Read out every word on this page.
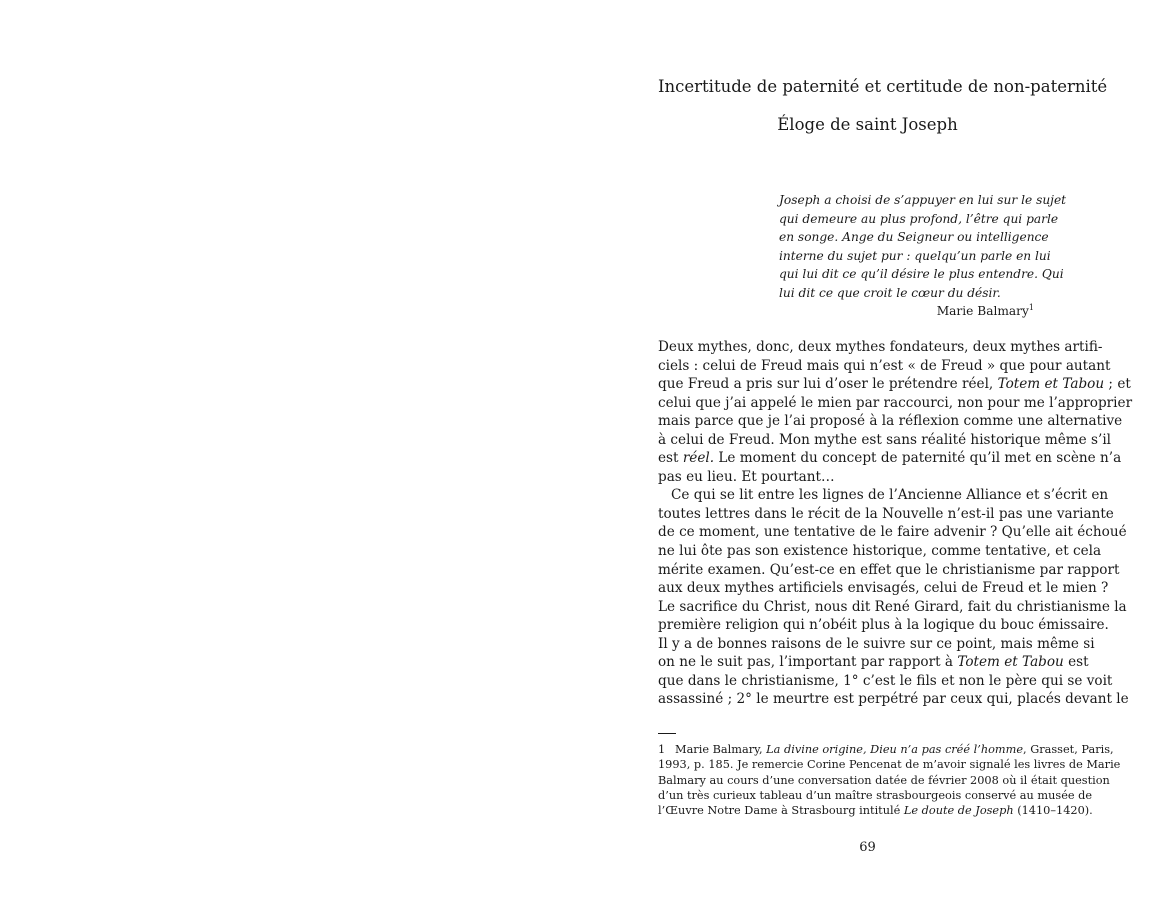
Incertitude de paternité et certitude de non-paternité
Éloge de saint Joseph
Joseph a choisi de s’appuyer en lui sur le sujet
qui demeure au plus profond, l’être qui parle
en songe. Ange du Seigneur ou intelligence
interne du sujet pur : quelqu’un parle en lui
qui lui dit ce qu’il désire le plus entendre. Qui
lui dit ce que croit le cœur du désir.
Marie Balmary$^1$
Deux mythes, donc, deux mythes fondateurs, deux mythes artifi-
ciels : celui de Freud mais qui n’est « de Freud » que pour autant
que Freud a pris sur lui d’oser le prétendre réel, Totem et Tabou ; et
celui que j’ai appelé le mien par raccourci, non pour me l’approprier
mais parce que je l’ai proposé à la réflexion comme une alternative
à celui de Freud. Mon mythe est sans réalité historique même s’il
est réel. Le moment du concept de paternité qu’il met en scène n’a
pas eu lieu. Et pourtant…
Ce qui se lit entre les lignes de l’Ancienne Alliance et s’écrit en
toutes lettres dans le récit de la Nouvelle n’est-il pas une variante
de ce moment, une tentative de le faire advenir ? Qu’elle ait échoué
ne lui ôte pas son existence historique, comme tentative, et cela
mérite examen. Qu’est-ce en effet que le christianisme par rapport
aux deux mythes artificiels envisagés, celui de Freud et le mien ?
Le sacrifice du Christ, nous dit René Girard, fait du christianisme la
première religion qui n’obéit plus à la logique du bouc émissaire.
Il y a de bonnes raisons de le suivre sur ce point, mais même si
on ne le suit pas, l’important par rapport à Totem et Tabou est
que dans le christianisme, 1° c’est le fils et non le père qui se voit
assassiné ; 2° le meurtre est perpétré par ceux qui, placés devant le
1 Marie Balmary, La divine origine, Dieu n’a pas créé l’homme, Grasset, Paris,
1993, p. 185. Je remercie Corine Pencenat de m’avoir signalé les livres de Marie
Balmary au cours d’une conversation datée de février 2008 où il était question
d’un très curieux tableau d’un maître strasbourgeois conservé au musée de
l’Œuvre Notre Dame à Strasbourg intitulé Le doute de Joseph (1410–1420).
69
